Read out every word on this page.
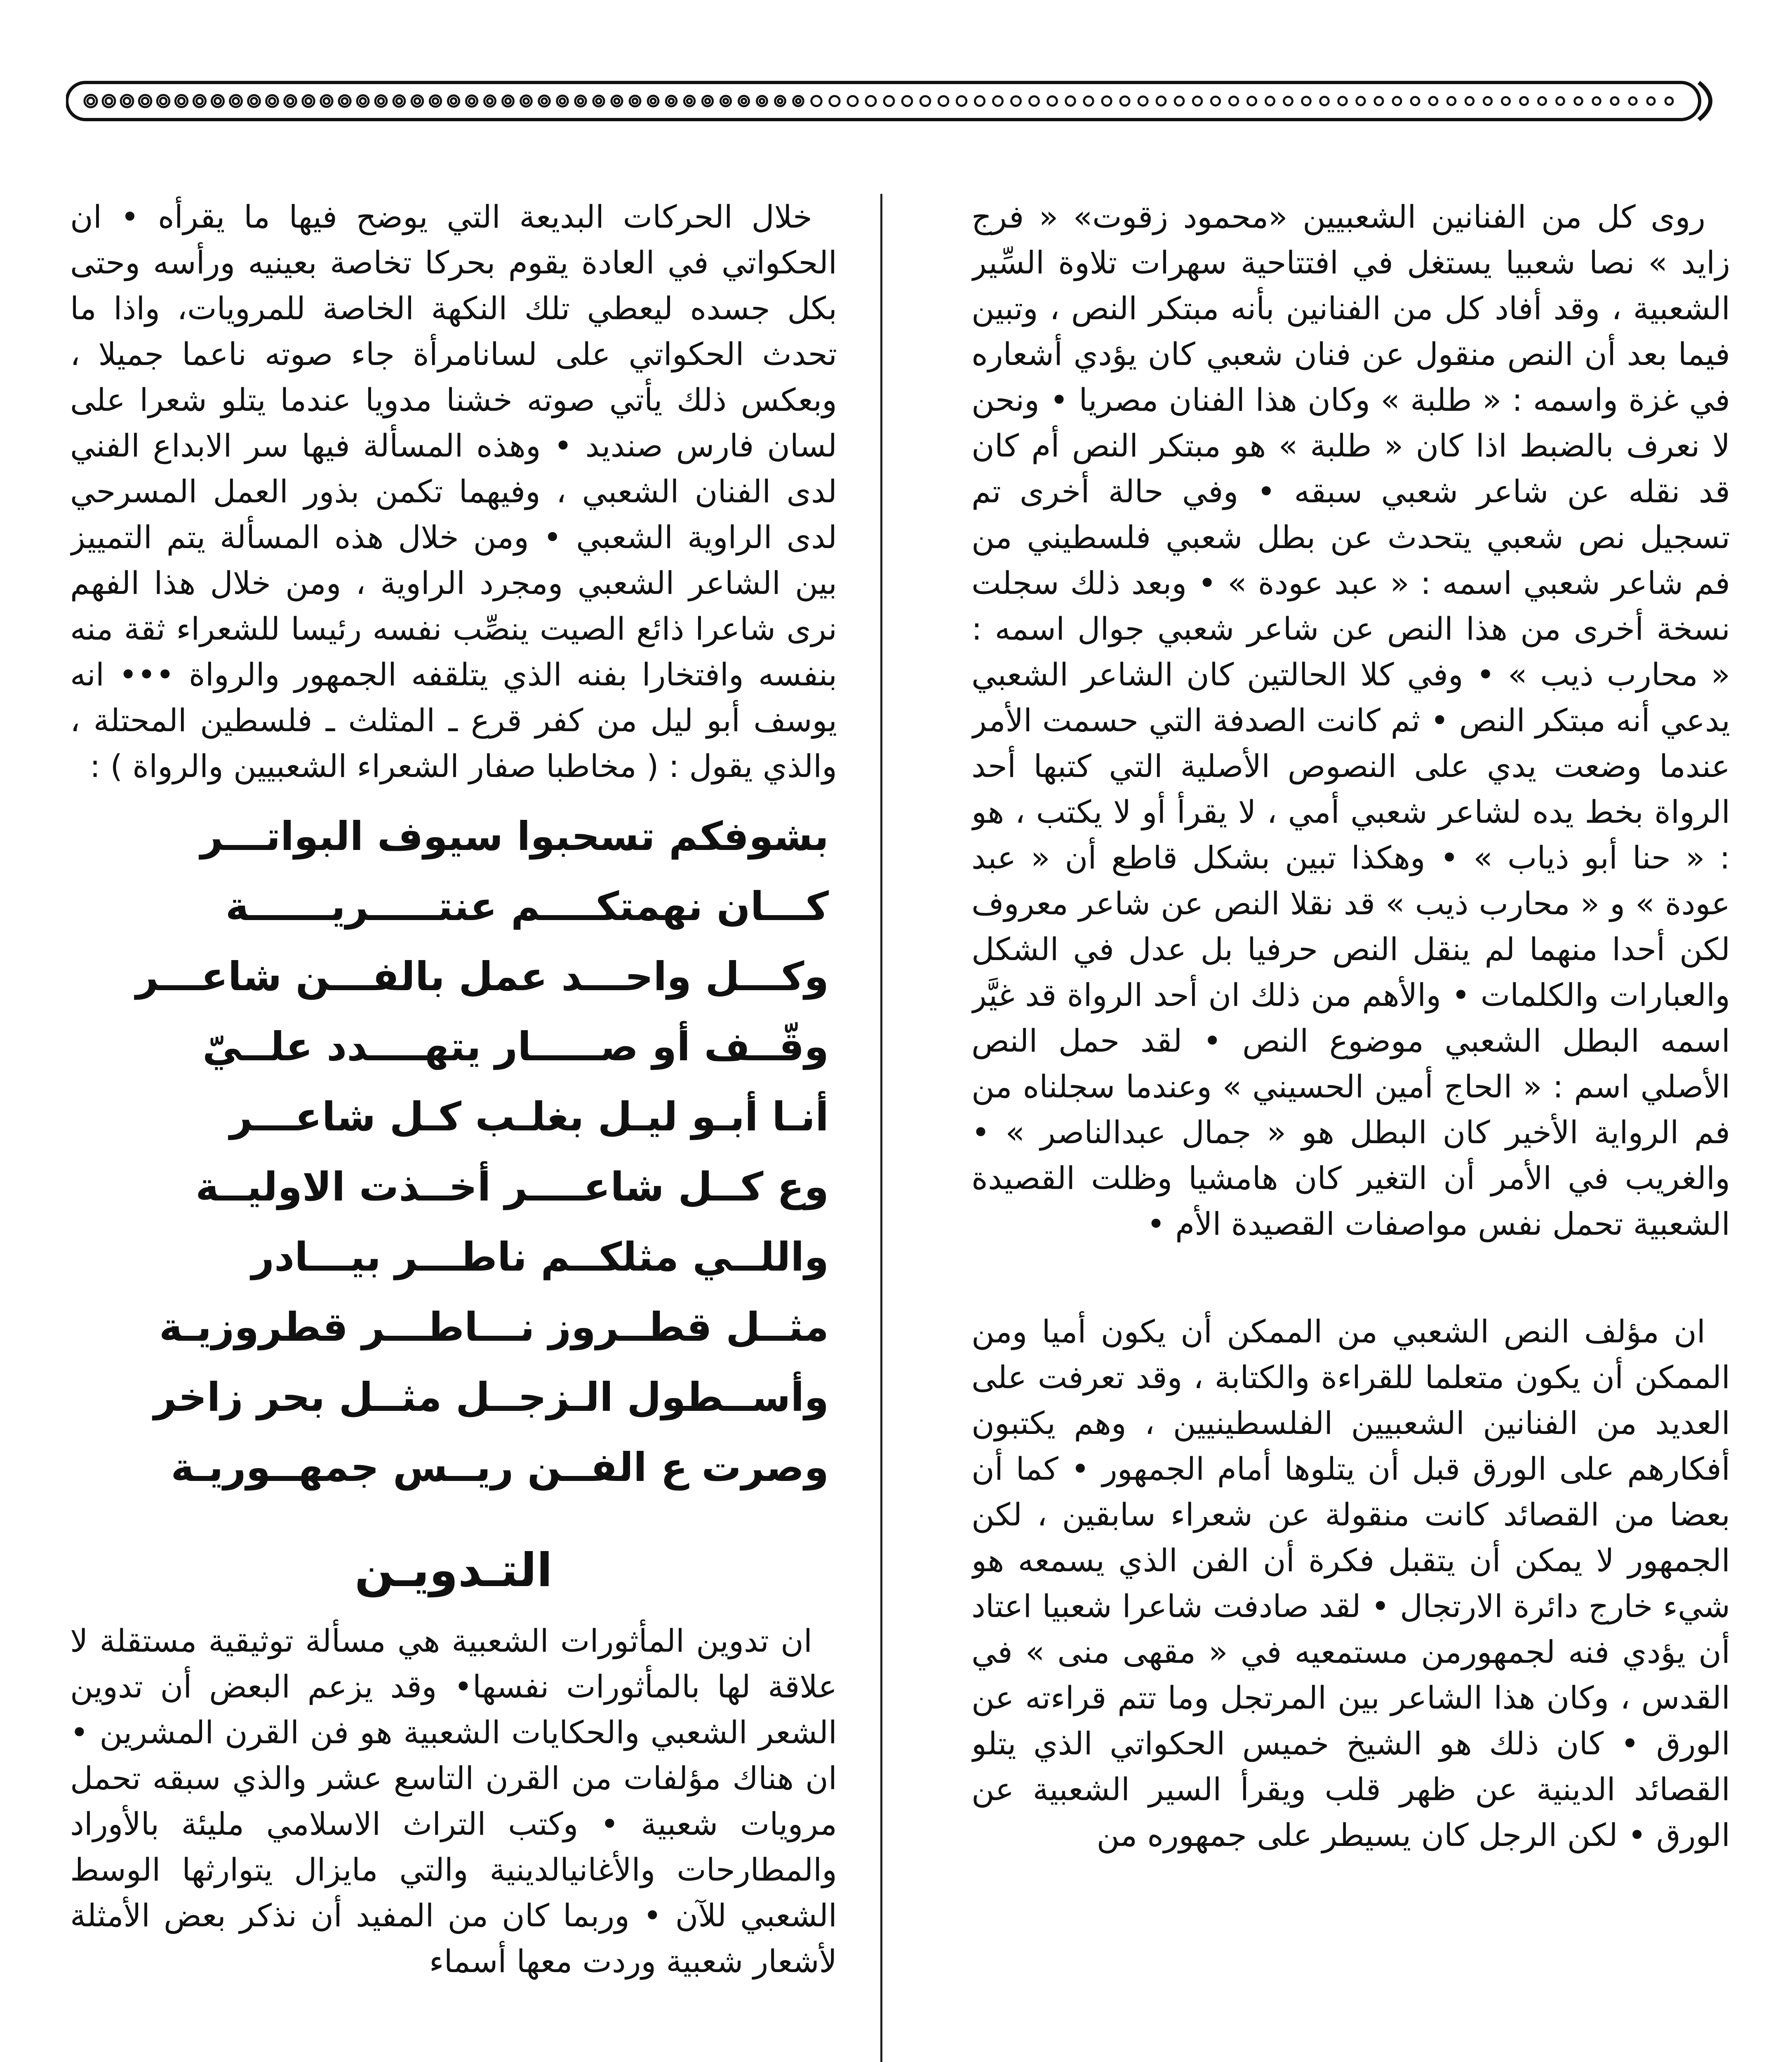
روى كل من الفنانين الشعبيين «محمود زقوت» « فرج زايد » نصا شعبيا يستغل في افتتاحية سهرات تلاوة السِّير الشعبية ، وقد أفاد كل من الفنانين بأنه مبتكر النص ، وتبين فيما بعد أن النص منقول عن فنان شعبي كان يؤدي أشعاره في غزة واسمه : « طلبة » وكان هذا الفنان مصريا • ونحن لا نعرف بالضبط اذا كان « طلبة » هو مبتكر النص أم كان قد نقله عن شاعر شعبي سبقه • وفي حالة أخرى تم تسجيل نص شعبي يتحدث عن بطل شعبي فلسطيني من فم شاعر شعبي اسمه : « عبد عودة » • وبعد ذلك سجلت نسخة أخرى من هذا النص عن شاعر شعبي جوال اسمه : « محارب ذيب » • وفي كلا الحالتين كان الشاعر الشعبي يدعي أنه مبتكر النص • ثم كانت الصدفة التي حسمت الأمر عندما وضعت يدي على النصوص الأصلية التي كتبها أحد الرواة بخط يده لشاعر شعبي أمي ، لا يقرأ أو لا يكتب ، هو : « حنا أبو ذياب » • وهكذا تبين بشكل قاطع أن « عبد عودة » و « محارب ذيب » قد نقلا النص عن شاعر معروف لكن أحدا منهما لم ينقل النص حرفيا بل عدل في الشكل والعبارات والكلمات • والأهم من ذلك ان أحد الرواة قد غيَّر اسمه البطل الشعبي موضوع النص • لقد حمل النص الأصلي اسم : « الحاج أمين الحسيني » وعندما سجلناه من فم الرواية الأخير كان البطل هو « جمال عبدالناصر » • والغريب في الأمر أن التغير كان هامشيا وظلت القصيدة الشعبية تحمل نفس مواصفات القصيدة الأم •

ان مؤلف النص الشعبي من الممكن أن يكون أميا ومن الممكن أن يكون متعلما للقراءة والكتابة ، وقد تعرفت على العديد من الفنانين الشعبيين الفلسطينيين ، وهم يكتبون أفكارهم على الورق قبل أن يتلوها أمام الجمهور • كما أن بعضا من القصائد كانت منقولة عن شعراء سابقين ، لكن الجمهور لا يمكن أن يتقبل فكرة أن الفن الذي يسمعه هو شيء خارج دائرة الارتجال • لقد صادفت شاعرا شعبيا اعتاد أن يؤدي فنه لجمهورمن مستمعيه في « مقهى منى » في القدس ، وكان هذا الشاعر بين المرتجل وما تتم قراءته عن الورق • كان ذلك هو الشيخ خميس الحكواتي الذي يتلو القصائد الدينية عن ظهر قلب ويقرأ السير الشعبية عن الورق • لكن الرجل كان يسيطر على جمهوره من

خلال الحركات البديعة التي يوضح فيها ما يقرأه • ان الحكواتي في العادة يقوم بحركا تخاصة بعينيه ورأسه وحتى بكل جسده ليعطي تلك النكهة الخاصة للمرويات، واذا ما تحدث الحكواتي على لسانامرأة جاء صوته ناعما جميلا ، وبعكس ذلك يأتي صوته خشنا مدويا عندما يتلو شعرا على لسان فارس صنديد • وهذه المسألة فيها سر الابداع الفني لدى الفنان الشعبي ، وفيهما تكمن بذور العمل المسرحي لدى الراوية الشعبي • ومن خلال هذه المسألة يتم التمييز بين الشاعر الشعبي ومجرد الراوية ، ومن خلال هذا الفهم نرى شاعرا ذائع الصيت ينصِّب نفسه رئيسا للشعراء ثقة منه بنفسه وافتخارا بفنه الذي يتلقفه الجمهور والرواة ••• انه يوسف أبو ليل من كفر قرع ـ المثلث ـ فلسطين المحتلة ، والذي يقول : ( مخاطبا صفار الشعراء الشعبيين والرواة ) :

بشوفكم تسحبوا سيوف البواتـــر

كـــان نهمتكــــم عنتـــــريــــــة

وكـــل واحـــد عمل بالفـــن شاعـــر

وقّــف أو صـــــار يتهــــدد علــيّ

أنـا أبـو ليـل بغلـب كـل شاعـــر

وع كــل شاعــــر أخــذت الاوليــة

واللــي مثلكــم ناطـــر بيـــادر

مثــل قطــروز نـــاطـــر قطروزيـة

وأســطول الـزجــل مثــل بحر زاخر

وصرت ع الفــن ريــس جمهــوريـة

التـدويـن

ان تدوين المأثورات الشعبية هي مسألة توثيقية مستقلة لا علاقة لها بالمأثورات نفسها• وقد يزعم البعض أن تدوين الشعر الشعبي والحكايات الشعبية هو فن القرن المشرين • ان هناك مؤلفات من القرن التاسع عشر والذي سبقه تحمل مرويات شعبية • وكتب التراث الاسلامي مليئة بالأوراد والمطارحات والأغانيالدينية والتي مايزال يتوارثها الوسط الشعبي للآن • وربما كان من المفيد أن نذكر بعض الأمثلة لأشعار شعبية وردت معها أسماء
